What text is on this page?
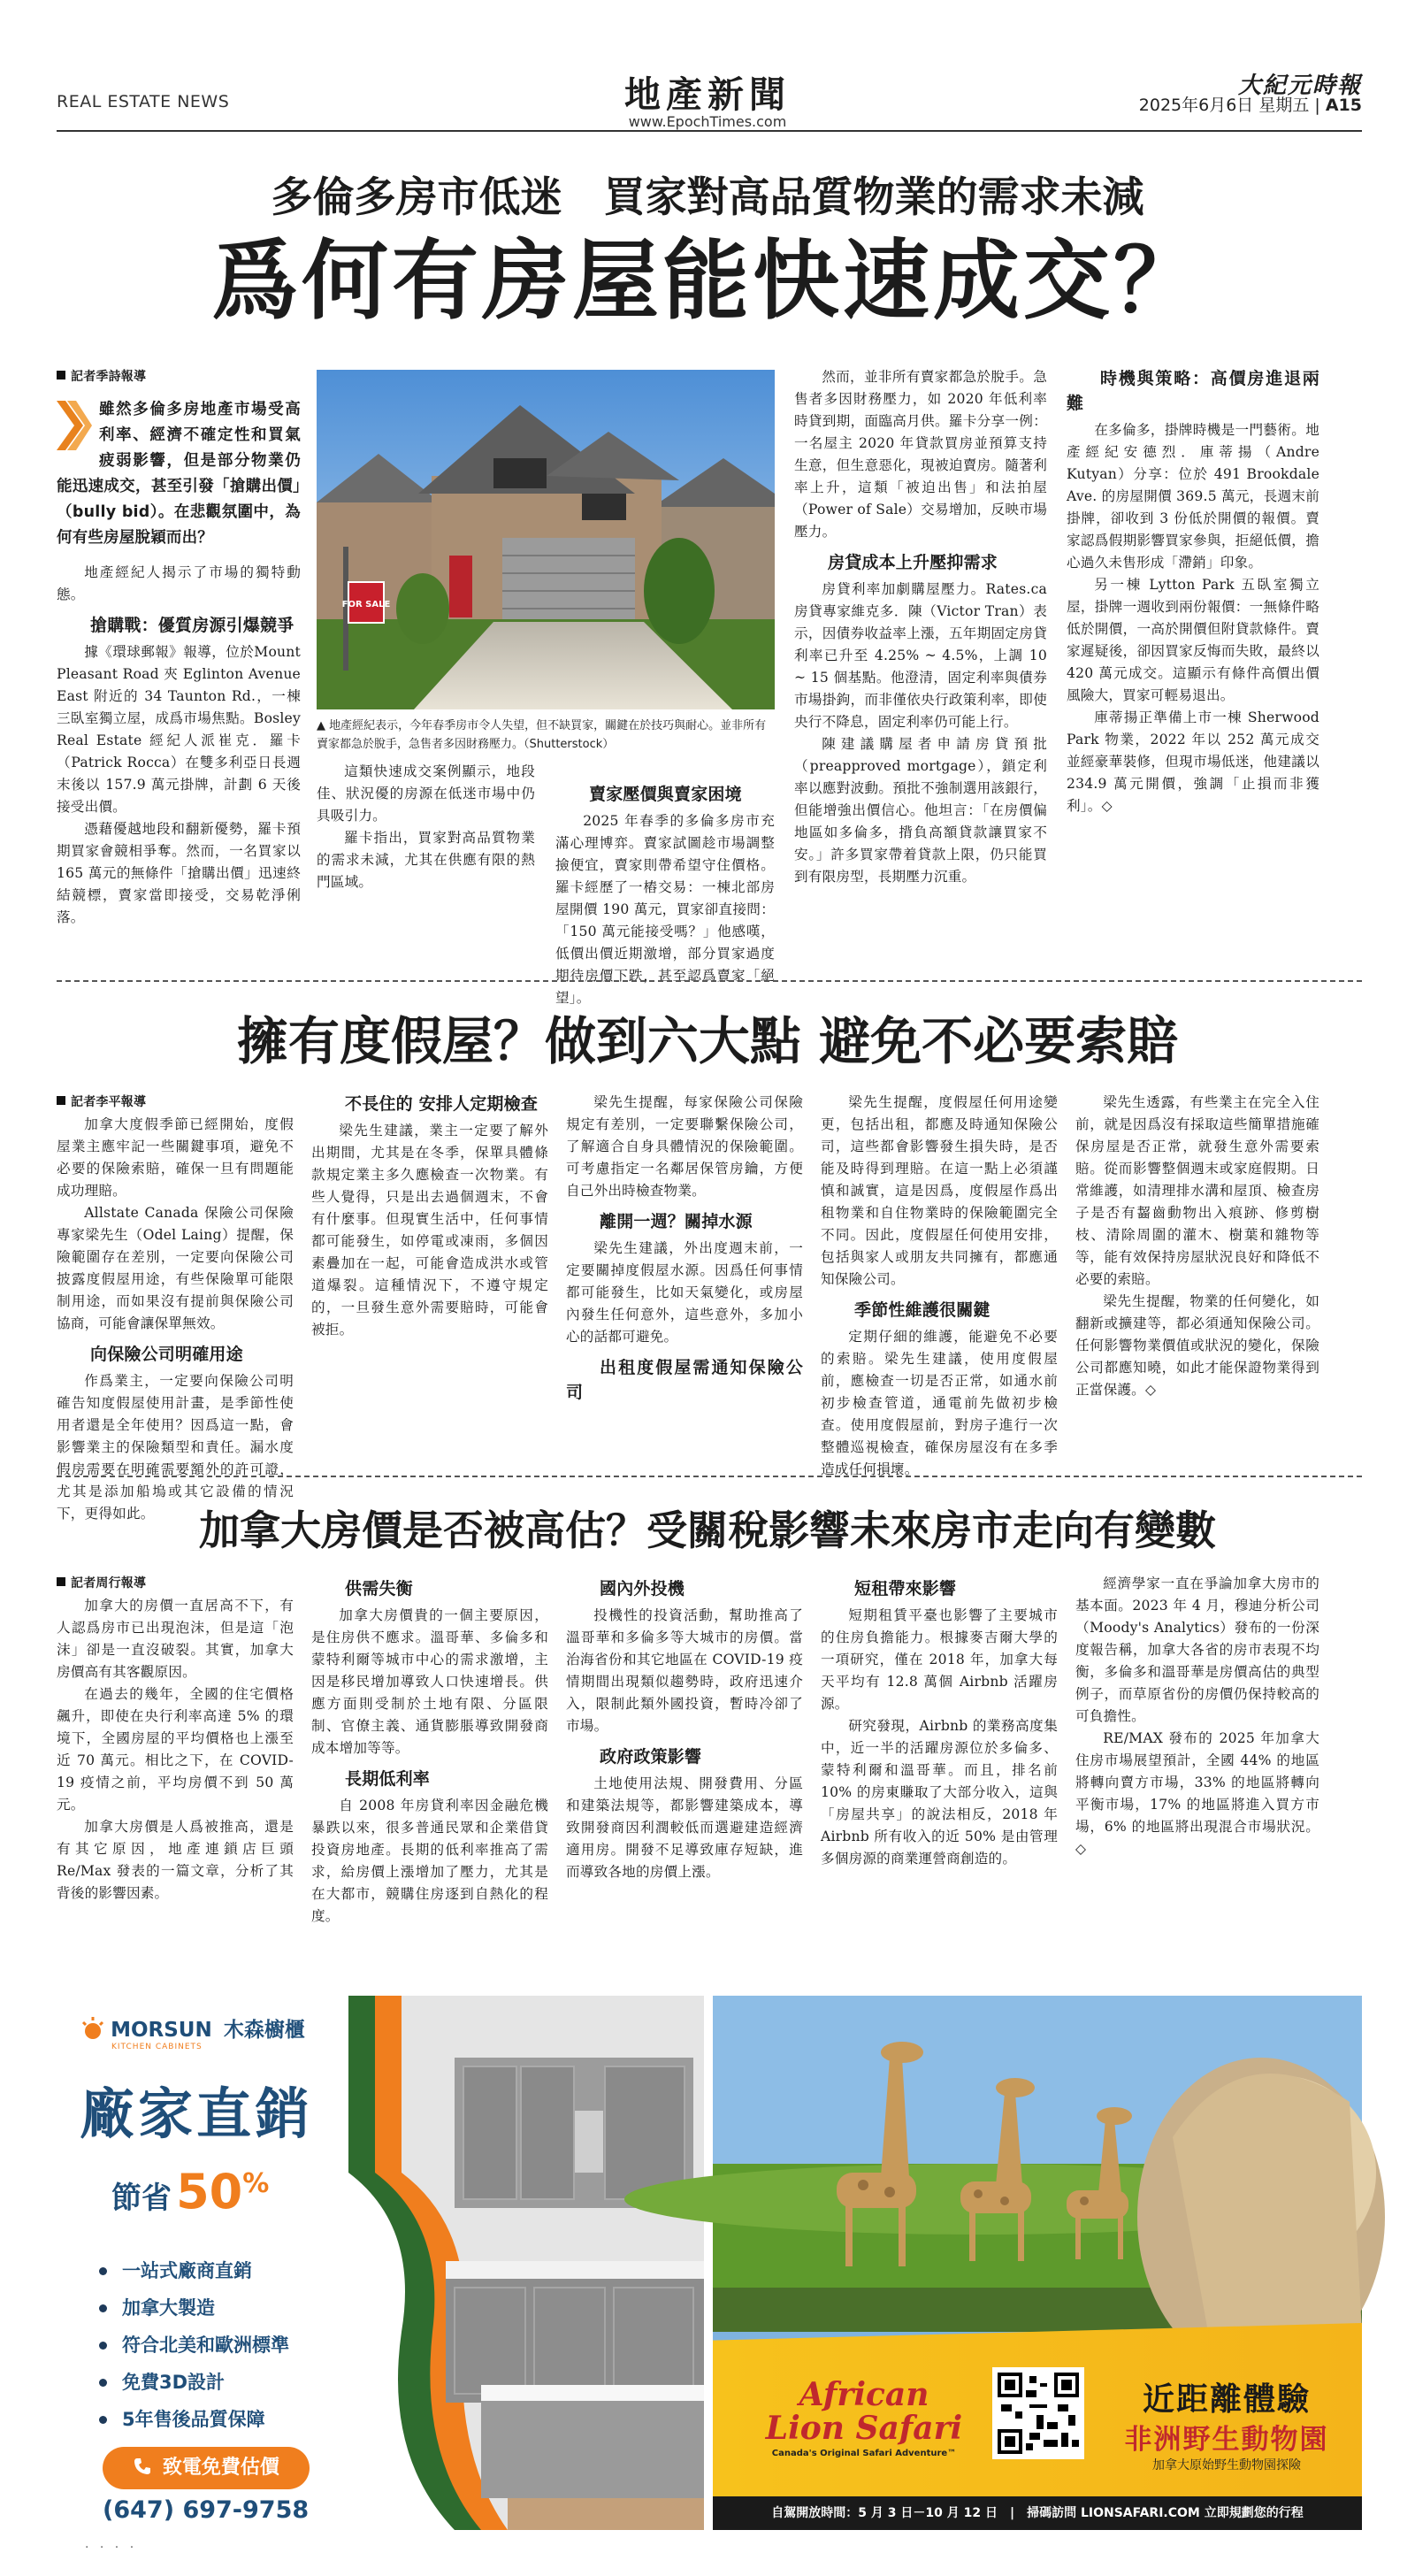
REAL ESTATE NEWS	地產新聞
www.EpochTimes.com
大紀元時報
2025年6月6日 星期五 | A15
多倫多房市低迷　買家對高品質物業的需求未減
爲何有房屋能快速成交？

記者季詩報導

雖然多倫多房地產市場受高利率、經濟不確定性和買氣疲弱影響，但是部分物業仍能迅速成交，甚至引發「搶購出價」（bully bid）。在悲觀氛圍中，為何有些房屋脫穎而出？

地產經紀人揭示了市場的獨特動態。

搶購戰：優質房源引爆競爭

據《環球郵報》報導，位於Mount Pleasant Road 夾 Eglinton Avenue East 附近的 34 Taunton Rd.，一棟三臥室獨立屋，成爲市場焦點。Bosley Real Estate 經紀人派崔克．羅卡（Patrick Rocca）在雙多利亞日長週末後以 157.9 萬元掛牌，計劃 6 天後接受出價。

憑藉優越地段和翻新優勢，羅卡預期買家會競相爭奪。然而，一名買家以 165 萬元的無條件「搶購出價」迅速終結競標，賣家當即接受，交易乾淨俐落。

FOR SALE
▲ 地產經紀表示，今年春季房市令人失望，但不缺買家，關鍵在於技巧與耐心。並非所有賣家都急於脫手，急售者多因財務壓力。（Shutterstock）

這類快速成交案例顯示，地段佳、狀況優的房源在低迷市場中仍具吸引力。

羅卡指出，買家對高品質物業的需求未減，尤其在供應有限的熱門區域。

賣家壓價與賣家困境

2025 年春季的多倫多房市充滿心理博弈。賣家試圖趁市場調整撿便宜，賣家則帶希望守住價格。羅卡經歷了一樁交易：一棟北部房屋開價 190 萬元，買家卻直接問：「150 萬元能接受嗎？」他感嘆，低價出價近期激增，部分買家過度期待房價下跌，甚至認爲賣家「絕望」。

然而，並非所有賣家都急於脫手。急售者多因財務壓力，如 2020 年低利率時貸到期，面臨高月供。羅卡分享一例：一名屋主 2020 年貸款買房並預算支持生意，但生意惡化，現被迫賣房。隨著利率上升，這類「被迫出售」和法拍屋（Power of Sale）交易增加，反映市場壓力。

房貸成本上升壓抑需求

房貸利率加劇購屋壓力。Rates.ca 房貸專家維克多．陳（Victor Tran）表示，因債券收益率上漲，五年期固定房貸利率已升至 4.25% ~ 4.5%，上調 10 ~ 15 個基點。他澄清，固定利率與債券市場掛鉤，而非僅依央行政策利率，即使央行不降息，固定利率仍可能上行。

陳建議購屋者申請房貸預批（preapproved mortgage），鎖定利率以應對波動。預批不強制選用該銀行，但能增強出價信心。他坦言：「在房價偏地區如多倫多，揹負高額貸款讓買家不安。」許多買家帶着貸款上限，仍只能買到有限房型，長期壓力沉重。

時機與策略：高價房進退兩難

在多倫多，掛牌時機是一門藝術。地產經紀安德烈．庫蒂揚（Andre Kutyan）分享：位於 491 Brookdale Ave. 的房屋開價 369.5 萬元，長週末前掛牌，卻收到 3 份低於開價的報價。賣家認爲假期影響買家參與，拒絕低價，擔心過久未售形成「滯銷」印象。

另一棟 Lytton Park 五臥室獨立屋，掛牌一週收到兩份報價：一無條件略低於開價，一高於開價但附貸款條件。賣家遲疑後，卻因買家反悔而失敗，最終以 420 萬元成交。這顯示有條件高價出價風險大，買家可輕易退出。

庫蒂揚正準備上市一棟 Sherwood Park 物業，2022 年以 252 萬元成交並經豪華裝修，但現市場低迷，他建議以 234.9 萬元開價，強調「止損而非獲利」。◇

擁有度假屋？做到六大點 避免不必要索賠

記者李平報導

加拿大度假季節已經開始，度假屋業主應牢記一些關鍵事項，避免不必要的保險索賠，確保一旦有問題能成功理賠。

Allstate Canada 保險公司保險專家梁先生（Odel Laing）提醒，保險範圍存在差別，一定要向保險公司披露度假屋用途，有些保險單可能限制用途，而如果沒有提前與保險公司協商，可能會讓保單無效。

向保險公司明確用途

作爲業主，一定要向保險公司明確告知度假屋使用計畫，是季節性使用者還是全年使用？因爲這一點，會影響業主的保險類型和責任。漏水度假房需要在明確需要額外的許可證，尤其是添加船塢或其它設備的情況下，更得如此。

不長住的 安排人定期檢查

梁先生建議，業主一定要了解外出期間，尤其是在冬季，保單具體條款規定業主多久應檢查一次物業。有些人覺得，只是出去過個週末，不會有什麼事。但現實生活中，任何事情都可能發生，如停電或凍雨，多個因素疊加在一起，可能會造成洪水或管道爆裂。這種情況下，不遵守規定的，一旦發生意外需要賠時，可能會被拒。

梁先生提醒，每家保險公司保險規定有差別，一定要聯繫保險公司，了解適合自身具體情況的保險範圍。可考慮指定一名鄰居保管房鑰，方便自己外出時檢查物業。

離開一週？關掉水源

梁先生建議，外出度週末前，一定要關掉度假屋水源。因爲任何事情都可能發生，比如天氣變化，或房屋內發生任何意外，這些意外，多加小心的話都可避免。

出租度假屋需通知保險公司

梁先生提醒，度假屋任何用途變更，包括出租，都應及時通知保險公司，這些都會影響發生損失時，是否能及時得到理賠。在這一點上必須謹慎和誠實，這是因爲，度假屋作爲出租物業和自住物業時的保險範圍完全不同。因此，度假屋任何使用安排，包括與家人或朋友共同擁有，都應通知保險公司。

季節性維護很關鍵

定期仔細的維護，能避免不必要的索賠。梁先生建議，使用度假屋前，應檢查一切是否正常，如通水前初步檢查管道，通電前先做初步檢查。使用度假屋前，對房子進行一次整體巡視檢查，確保房屋沒有在多季造成任何損壞。

梁先生透露，有些業主在完全入住前，就是因爲沒有採取這些簡單措施確保房屋是否正常，就發生意外需要索賠。從而影響整個週末或家庭假期。日常維護，如清理排水溝和屋頂、檢查房子是否有齧齒動物出入痕跡、修剪樹枝、清除周圍的灌木、樹葉和雜物等等，能有效保持房屋狀況良好和降低不必要的索賠。

梁先生提醒，物業的任何變化，如翻新或擴建等，都必須通知保險公司。任何影響物業價值或狀況的變化，保險公司都應知曉，如此才能保證物業得到正當保護。◇

加拿大房價是否被高估？受關稅影響未來房市走向有變數

記者周行報導

加拿大的房價一直居高不下，有人認爲房市已出現泡沫，但是這「泡沫」卻是一直沒破裂。其實，加拿大房價高有其客觀原因。

在過去的幾年，全國的住宅價格飆升，即使在央行利率高達 5% 的環境下，全國房屋的平均價格也上漲至近 70 萬元。相比之下，在 COVID-19 疫情之前，平均房價不到 50 萬元。

加拿大房價是人爲被推高，還是有其它原因，地產連鎖店巨頭 Re/Max 發表的一篇文章，分析了其背後的影響因素。

供需失衡

加拿大房價貴的一個主要原因，是住房供不應求。溫哥華、多倫多和蒙特利爾等城市中心的需求激增，主因是移民增加導致人口快速增長。供應方面則受制於土地有限、分區限制、官僚主義、通貨膨脹導致開發商成本增加等等。

長期低利率

自 2008 年房貸利率因金融危機暴跌以來，很多普通民眾和企業借貸投資房地產。長期的低利率推高了需求，給房價上漲增加了壓力，尤其是在大都市，競購住房逐到自熱化的程度。

國內外投機

投機性的投資活動，幫助推高了溫哥華和多倫多等大城市的房價。當治海省份和其它地區在 COVID-19 疫情期間出現類似趨勢時，政府迅速介入，限制此類外國投資，暫時冷卻了市場。

政府政策影響

土地使用法規、開發費用、分區和建築法規等，都影響建築成本，導致開發商因利潤較低而選避建造經濟適用房。開發不足導致庫存短缺，進而導致各地的房價上漲。

短租帶來影響

短期租賃平臺也影響了主要城市的住房負擔能力。根據麥吉爾大學的一項研究，僅在 2018 年，加拿大每天平均有 12.8 萬個 Airbnb 活躍房源。

研究發現，Airbnb 的業務高度集中，近一半的活躍房源位於多倫多、蒙特利爾和溫哥華。而且，排名前 10% 的房東賺取了大部分收入，這與「房屋共享」的說法相反，2018 年 Airbnb 所有收入的近 50% 是由管理多個房源的商業運營商創造的。

經濟學家一直在爭論加拿大房市的基本面。2023 年 4 月，穆迪分析公司（Moody's Analytics）發布的一份深度報告稱，加拿大各省的房市表現不均衡，多倫多和溫哥華是房價高估的典型例子，而草原省份的房價仍保持較高的可負擔性。

RE/MAX 發布的 2025 年加拿大住房市場展望預計，全國 44% 的地區將轉向賣方市場，33% 的地區將轉向平衡市場，17% 的地區將進入買方市場，6% 的地區將出現混合市場狀況。◇

MORSUN 木森櫥櫃
KITCHEN CABINETS
廠家直銷
節省 50%
一站式廠商直銷
加拿大製造
符合北美和歐洲標準
免費3D設計
5年售後品質保障
致電免費估價
(647) 697-9758
· · · ·
African
Lion Safari
Canada's Original Safari Adventure™
近距離體驗
非洲野生動物園
加拿大原始野生動物園探險
自駕開放時間：5 月 3 日－10 月 12 日　|　掃碼訪問 LIONSAFARI.COM 立即規劃您的行程
